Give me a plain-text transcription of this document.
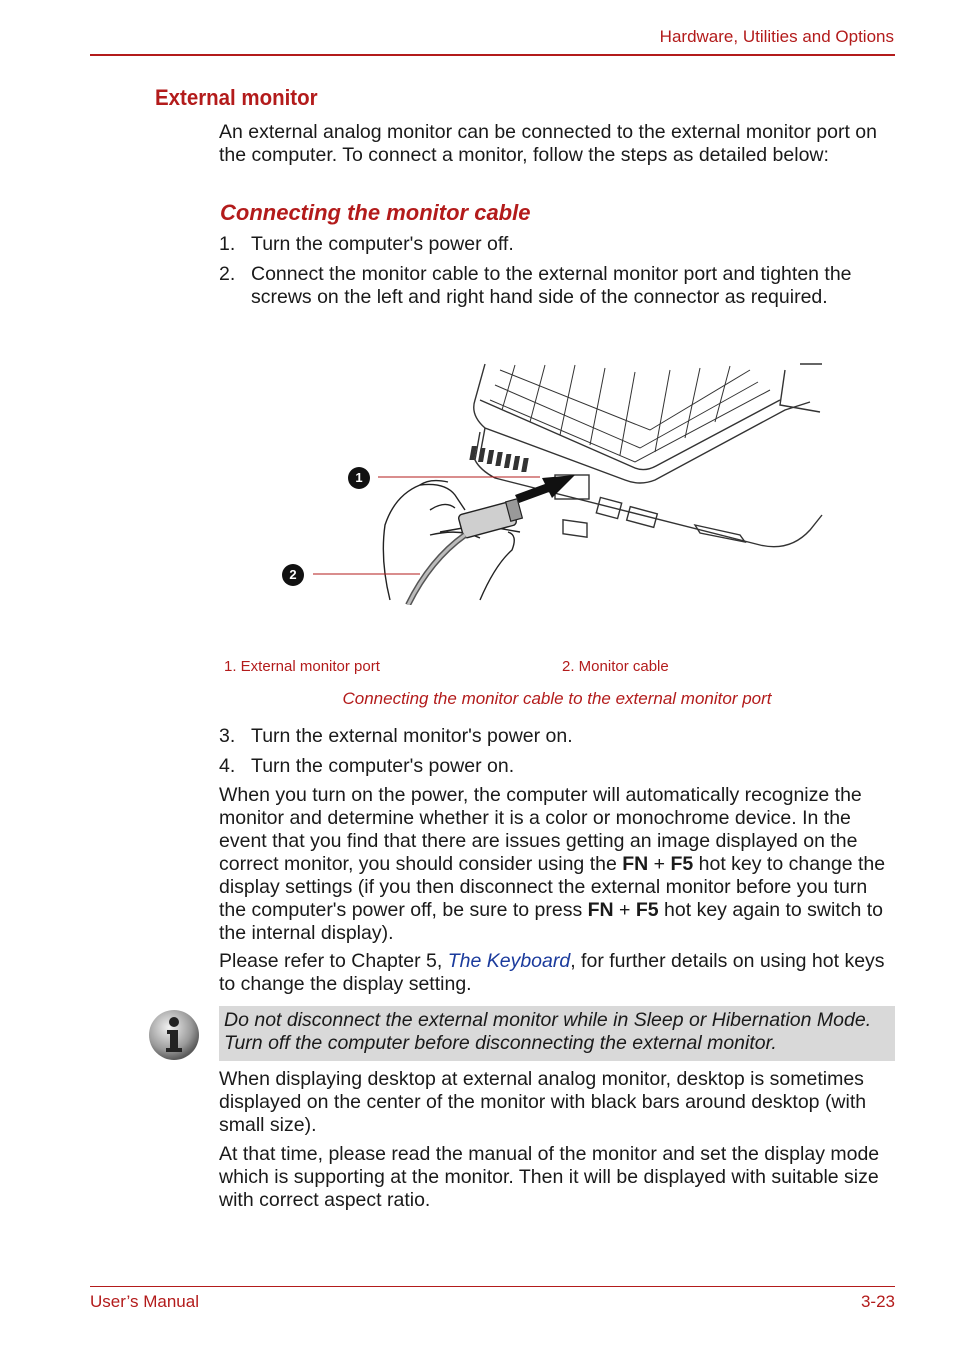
Hardware, Utilities and Options
External monitor
An external analog monitor can be connected to the external monitor port on the computer. To connect a monitor, follow the steps as detailed below:
Connecting the monitor cable
1. Turn the computer's power off.
2. Connect the monitor cable to the external monitor port and tighten the screws on the left and right hand side of the connector as required.
1
2
1. External monitor port	2. Monitor cable
Connecting the monitor cable to the external monitor port
3. Turn the external monitor's power on.
4. Turn the computer's power on.
When you turn on the power, the computer will automatically recognize the monitor and determine whether it is a color or monochrome device. In the event that you find that there are issues getting an image displayed on the correct monitor, you should consider using the FN + F5 hot key to change the display settings (if you then disconnect the external monitor before you turn the computer's power off, be sure to press FN + F5 hot key again to switch to the internal display).
Please refer to Chapter 5, The Keyboard, for further details on using hot keys to change the display setting.
Do not disconnect the external monitor while in Sleep or Hibernation Mode. Turn off the computer before disconnecting the external monitor.
When displaying desktop at external analog monitor, desktop is sometimes displayed on the center of the monitor with black bars around desktop (with small size).
At that time, please read the manual of the monitor and set the display mode which is supporting at the monitor. Then it will be displayed with suitable size with correct aspect ratio.
User’s Manual	3-23
